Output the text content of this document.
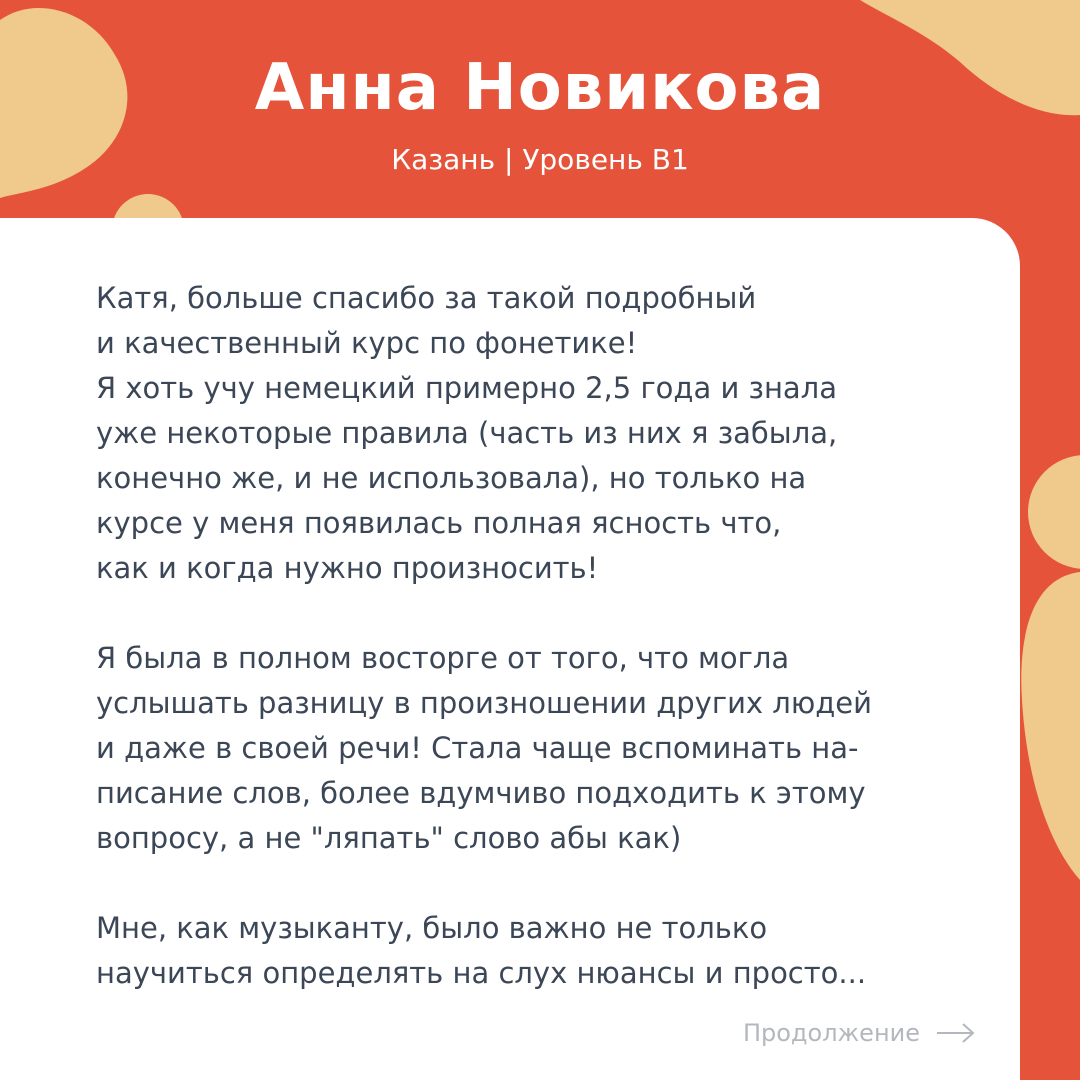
Анна Новикова
Казань | Уровень B1

Катя, больше спасибо за такой подробный
и качественный курс по фонетике!
Я хоть учу немецкий примерно 2,5 года и знала
уже некоторые правила (часть из них я забыла,
конечно же, и не использовала), но только на
курсе у меня появилась полная ясность что,
как и когда нужно произносить!

Я была в полном восторге от того, что могла
услышать разницу в произношении других людей
и даже в своей речи! Стала чаще вспоминать на-
писание слов, более вдумчиво подходить к этому
вопросу, а не "ляпать" слово абы как)

Мне, как музыканту, было важно не только
научиться определять на слух нюансы и просто...

Продолжение
